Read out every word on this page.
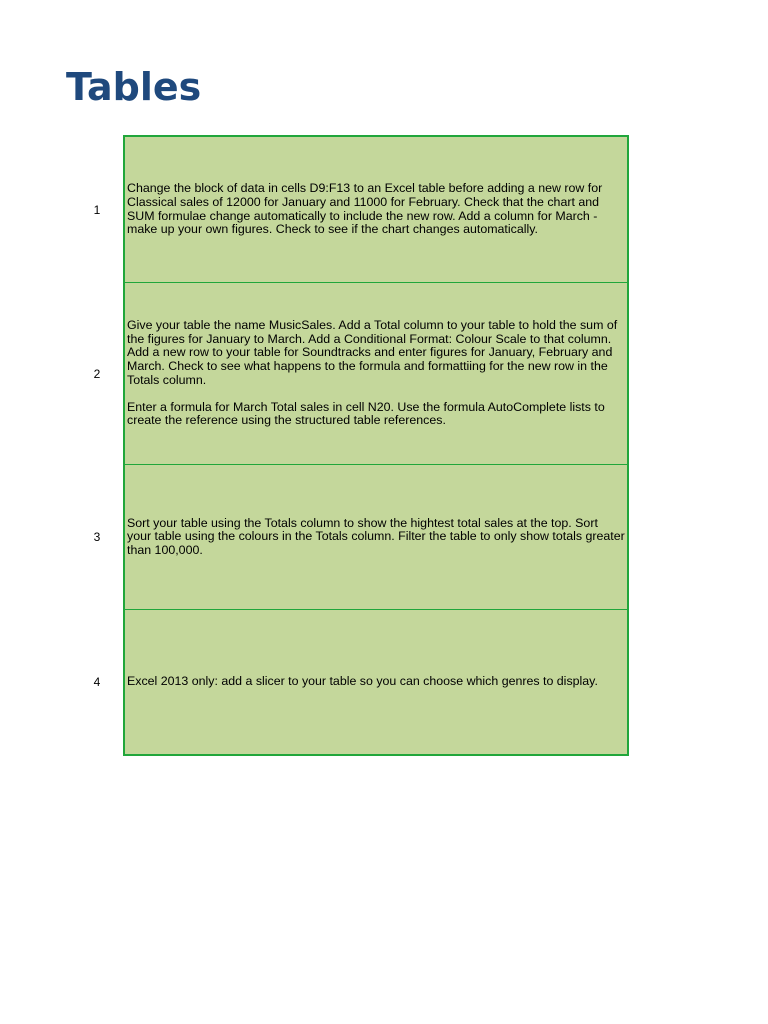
Tables
1

Change the block of data in cells D9:F13 to an Excel table before adding a new row for Classical sales of 12000 for January and 11000 for February. Check that the chart and SUM formulae change automatically to include the new row. Add a column for March - make up your own figures. Check to see if the chart changes automatically.

2

Give your table the name MusicSales. Add a Total column to your table to hold the sum of the figures for January to March. Add a Conditional Format: Colour Scale to that column. Add a new row to your table for Soundtracks and enter figures for January, February and March. Check to see what happens to the formula and formattiing for the new row in the Totals column.

Enter a formula for March Total sales in cell N20. Use the formula AutoComplete lists to create the reference using the structured table references.

3

Sort your table using the Totals column to show the hightest total sales at the top. Sort your table using the colours in the Totals column. Filter the table to only show totals greater than 100,000.

4 Excel 2013 only: add a slicer to your table so you can choose which genres to display.
